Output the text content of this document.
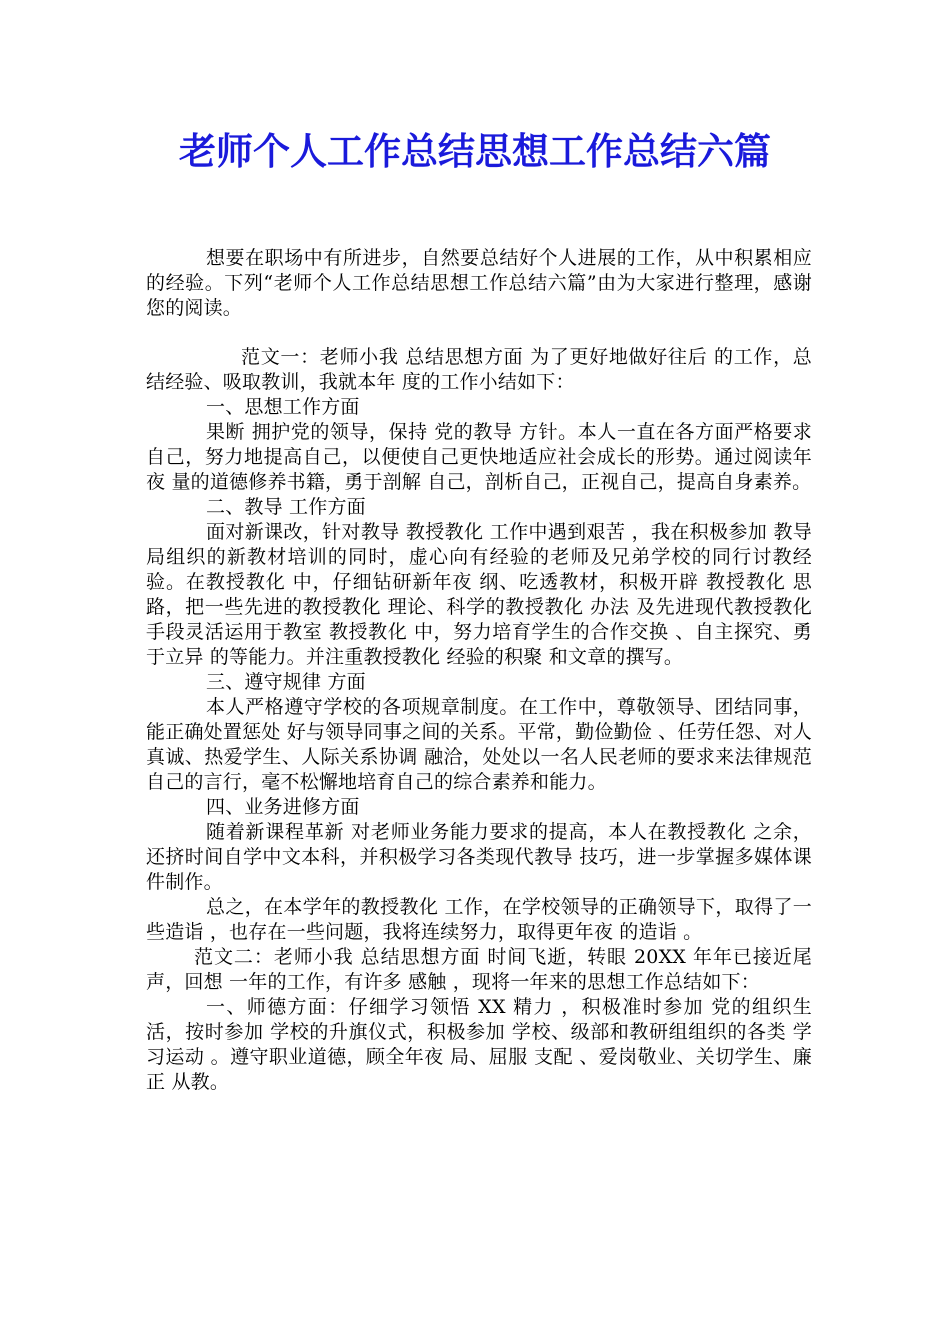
老师个人工作总结思想工作总结六篇

想要在职场中有所进步，自然要总结好个人进展的工作，从中积累相应的经验。下列“老师个人工作总结思想工作总结六篇”由为大家进行整理，感谢您的阅读。

范文一：老师小我 总结思想方面 为了更好地做好往后 的工作，总结经验、吸取教训，我就本年 度的工作小结如下：

一、思想工作方面

果断 拥护党的领导，保持 党的教导 方针。本人一直在各方面严格要求自己，努力地提高自己，以便使自己更快地适应社会成长的形势。通过阅读年夜 量的道德修养书籍，勇于剖解 自己，剖析自己，正视自己，提高自身素养。

二、教导 工作方面

面对新课改，针对教导 教授教化 工作中遇到艰苦 ，我在积极参加 教导 局组织的新教材培训的同时，虚心向有经验的老师及兄弟学校的同行讨教经验。在教授教化 中，仔细钻研新年夜 纲、吃透教材，积极开辟 教授教化 思路，把一些先进的教授教化 理论、科学的教授教化 办法 及先进现代教授教化 手段灵活运用于教室 教授教化 中，努力培育学生的合作交换 、自主探究、勇于立异 的等能力。并注重教授教化 经验的积聚 和文章的撰写。

三、遵守规律 方面

本人严格遵守学校的各项规章制度。在工作中，尊敬领导、团结同事，能正确处置惩处 好与领导同事之间的关系。平常，勤俭勤俭 、任劳任怨、对人真诚、热爱学生、人际关系协调 融洽，处处以一名人民老师的要求来法律规范自己的言行，毫不松懈地培育自己的综合素养和能力。

四、业务进修方面

随着新课程革新 对老师业务能力要求的提高，本人在教授教化 之余，还挤时间自学中文本科，并积极学习各类现代教导 技巧，进一步掌握多媒体课件制作。

总之，在本学年的教授教化 工作，在学校领导的正确领导下，取得了一些造诣 ，也存在一些问题，我将连续努力，取得更年夜 的造诣 。

范文二：老师小我 总结思想方面 时间飞逝，转眼 20XX 年年已接近尾声，回想 一年的工作，有许多 感触 ，现将一年来的思想工作总结如下：

一、师德方面：仔细学习领悟 XX 精力 ，积极准时参加 党的组织生活，按时参加 学校的升旗仪式，积极参加 学校、级部和教研组组织的各类 学习运动 。遵守职业道德，顾全年夜 局、屈服 支配 、爱岗敬业、关切学生、廉正 从教。
